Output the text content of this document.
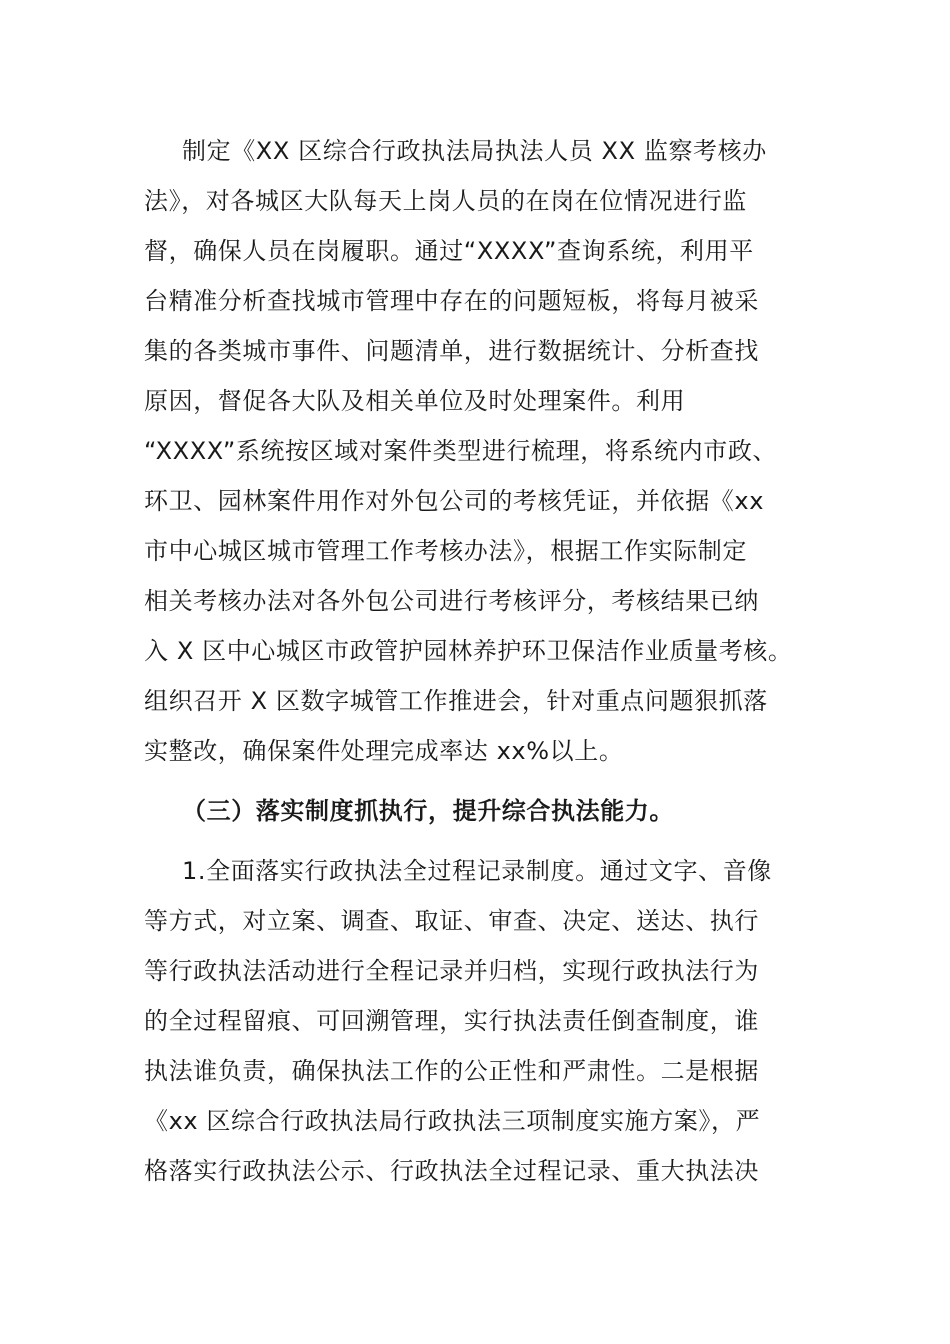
制定《XX 区综合行政执法局执法人员 XX 监察考核办
法》，对各城区大队每天上岗人员的在岗在位情况进行监
督，确保人员在岗履职。通过“XXXX”查询系统，利用平
台精准分析查找城市管理中存在的问题短板，将每月被采
集的各类城市事件、问题清单，进行数据统计、分析查找
原因，督促各大队及相关单位及时处理案件。利用
“XXXX”系统按区域对案件类型进行梳理，将系统内市政、
环卫、园林案件用作对外包公司的考核凭证，并依据《xx
市中心城区城市管理工作考核办法》，根据工作实际制定
相关考核办法对各外包公司进行考核评分，考核结果已纳
入 X 区中心城区市政管护园林养护环卫保洁作业质量考核。
组织召开 X 区数字城管工作推进会，针对重点问题狠抓落
实整改，确保案件处理完成率达 xx%以上。
（三）落实制度抓执行，提升综合执法能力。
1.全面落实行政执法全过程记录制度。通过文字、音像
等方式，对立案、调查、取证、审查、决定、送达、执行
等行政执法活动进行全程记录并归档，实现行政执法行为
的全过程留痕、可回溯管理，实行执法责任倒查制度，谁
执法谁负责，确保执法工作的公正性和严肃性。二是根据
《xx 区综合行政执法局行政执法三项制度实施方案》，严
格落实行政执法公示、行政执法全过程记录、重大执法决
